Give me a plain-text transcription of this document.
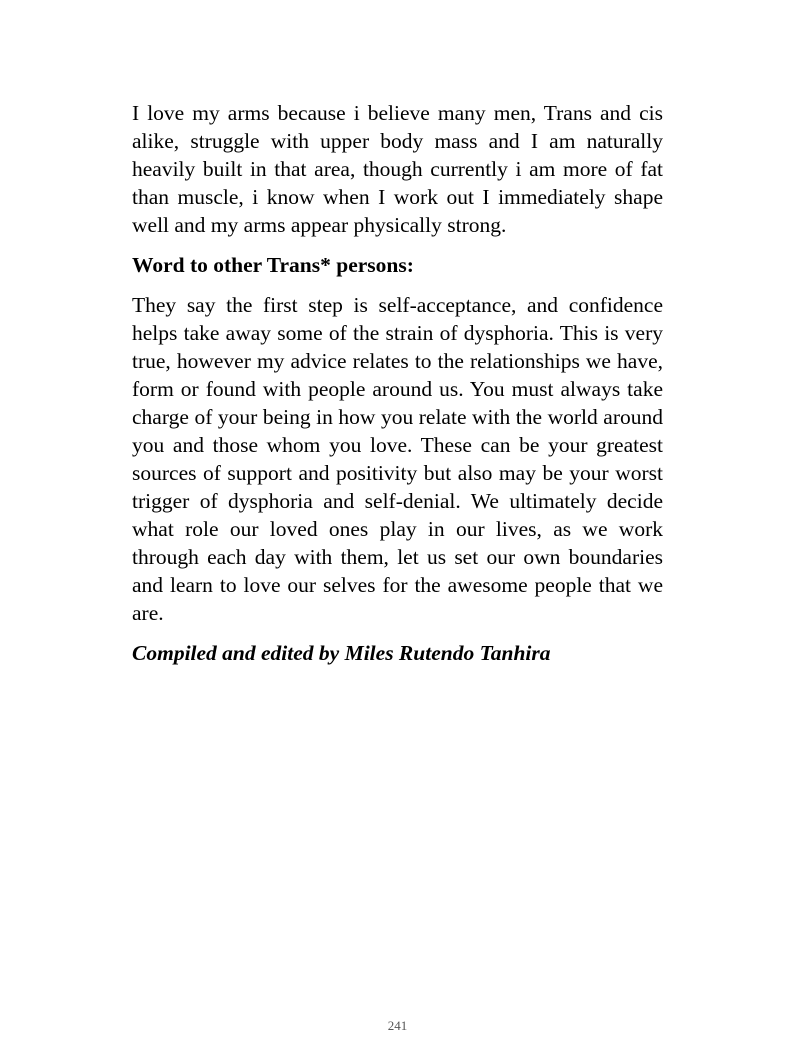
I love my arms because i believe many men, Trans and cis alike, struggle with upper body mass and I am naturally heavily built in that area, though currently i am more of fat than muscle, i know when I work out I immediately shape well and my arms appear physically strong.

Word to other Trans* persons:

They say the first step is self-acceptance, and confidence helps take away some of the strain of dysphoria. This is very true, however my advice relates to the relationships we have, form or found with people around us. You must always take charge of your being in how you relate with the world around you and those whom you love. These can be your greatest sources of support and positivity but also may be your worst trigger of dysphoria and self-denial. We ultimately decide what role our loved ones play in our lives, as we work through each day with them, let us set our own boundaries and learn to love our selves for the awesome people that we are.

Compiled and edited by Miles Rutendo Tanhira

241
